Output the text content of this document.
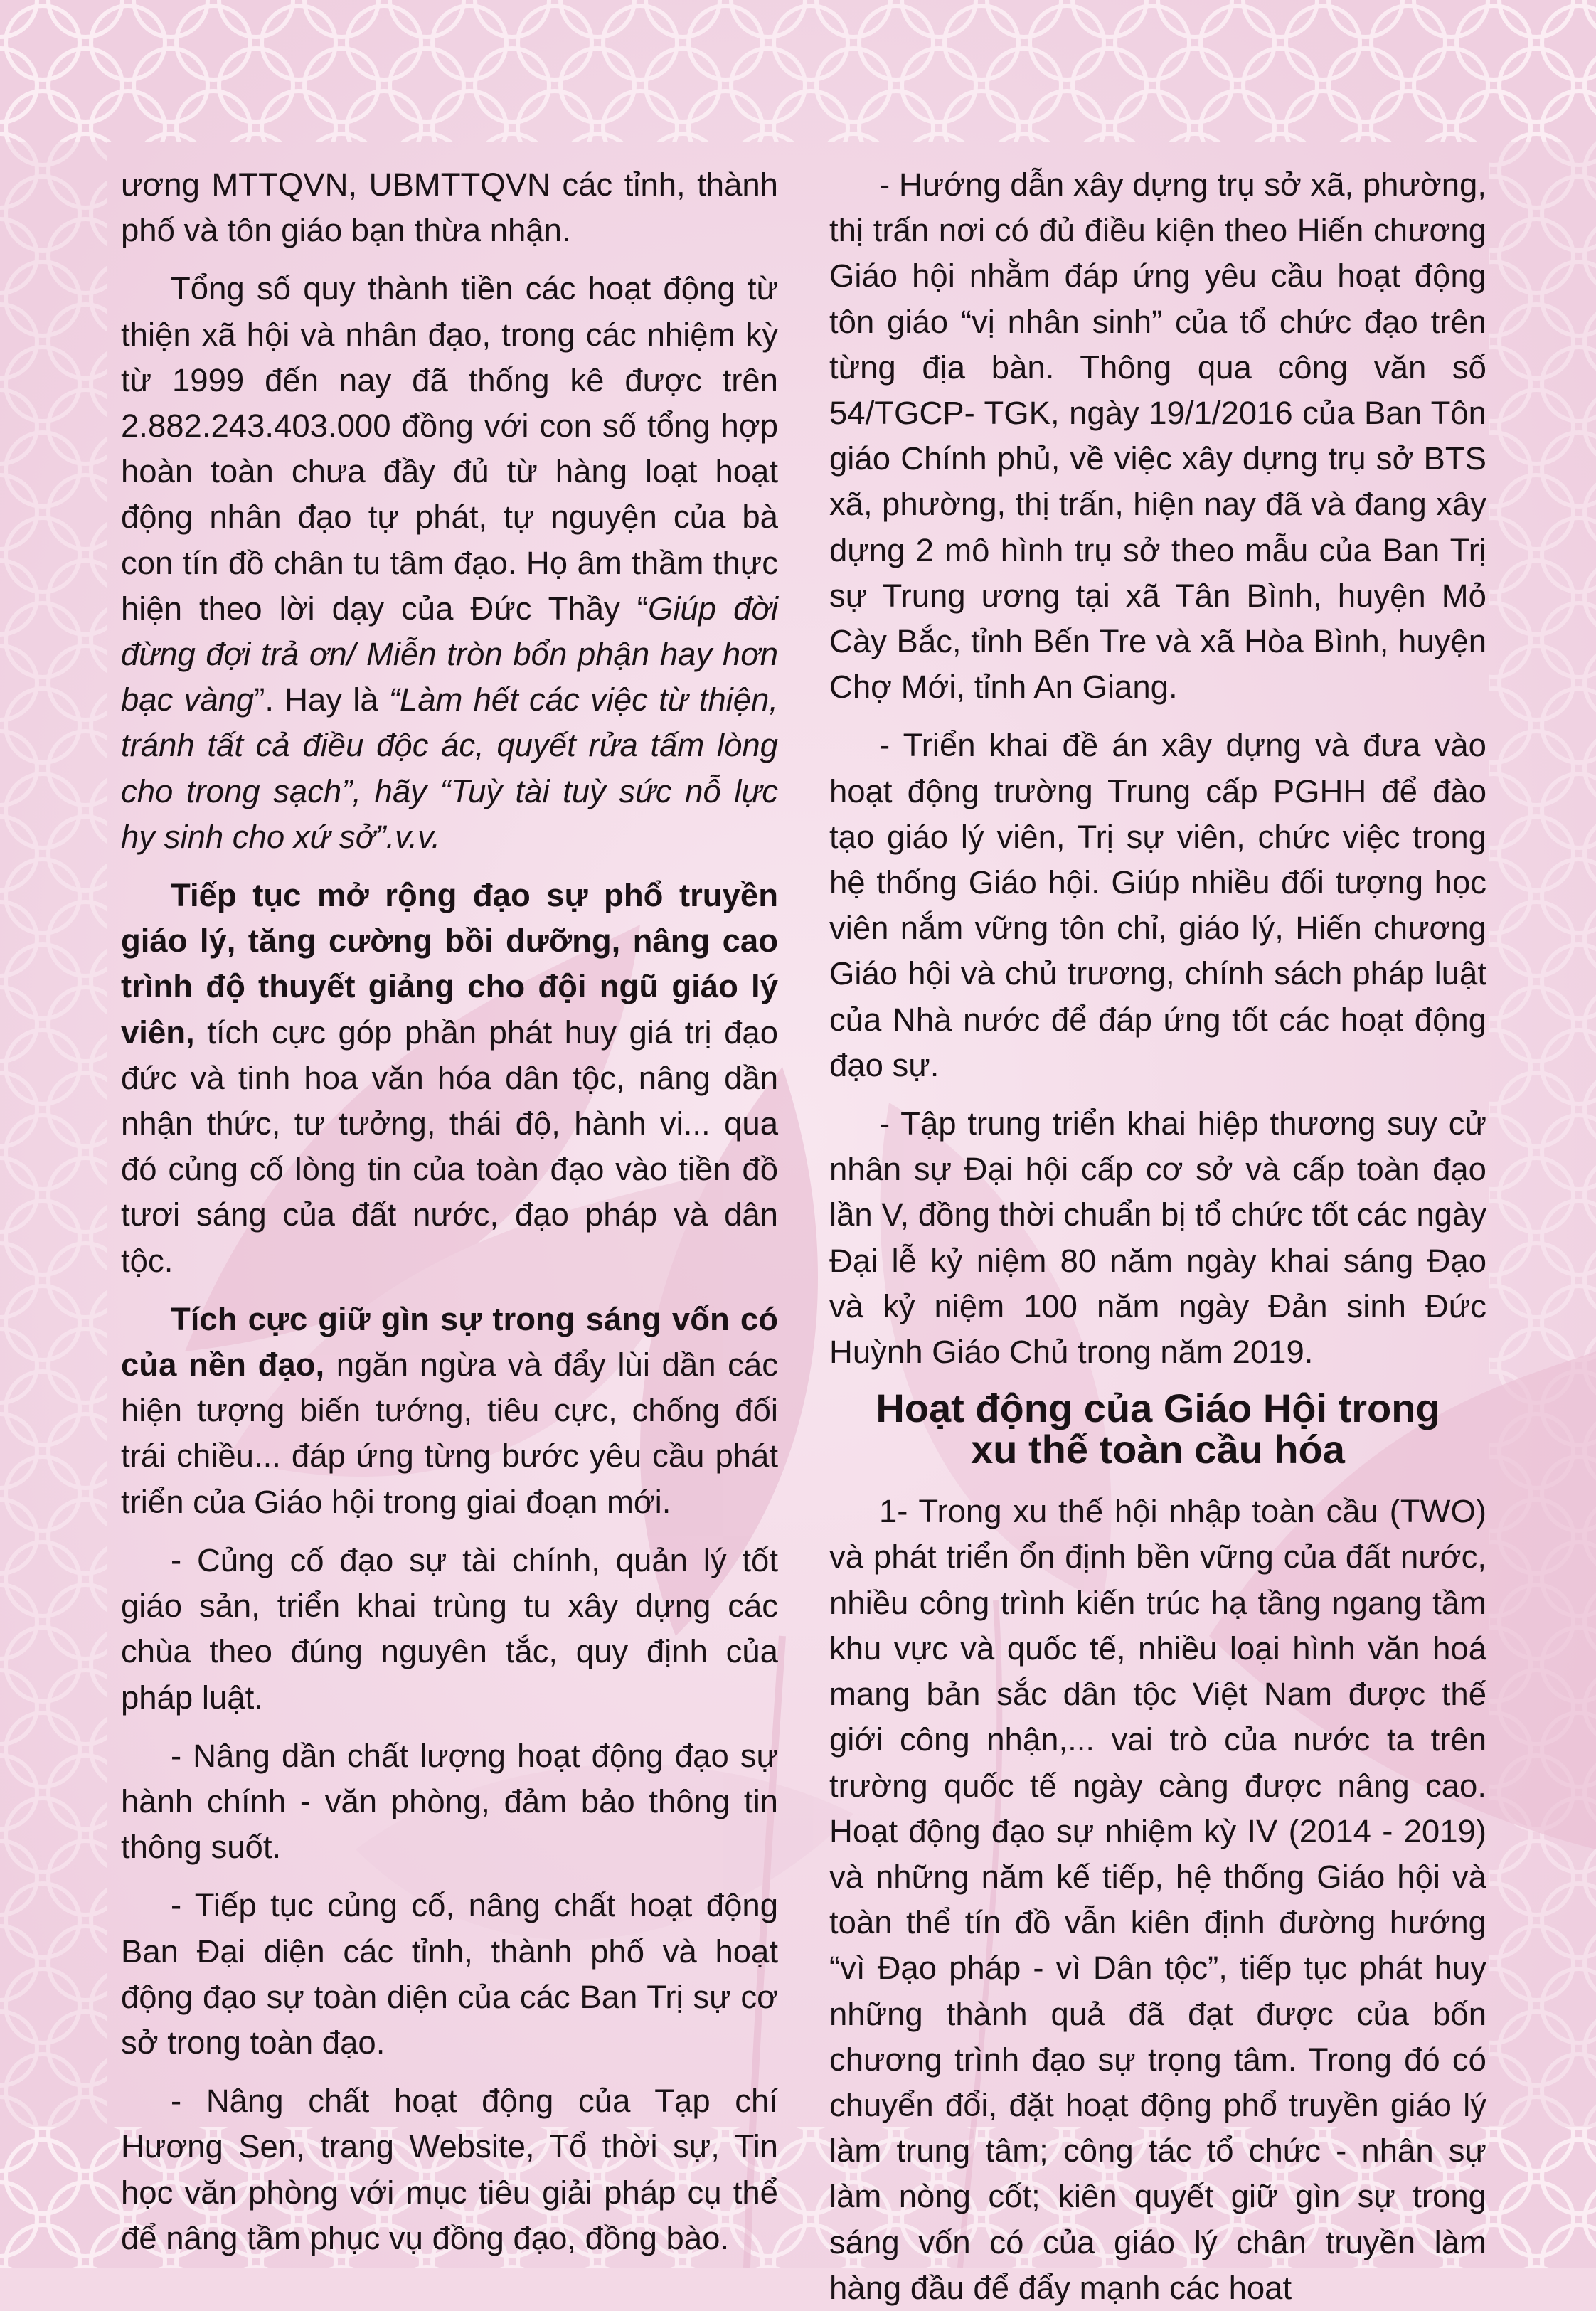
ương MTTQVN, UBMTTQVN các tỉnh, thành phố và tôn giáo bạn thừa nhận.

Tổng số quy thành tiền các hoạt động từ thiện xã hội và nhân đạo, trong các nhiệm kỳ từ 1999 đến nay đã thống kê được trên 2.882.243.403.000 đồng với con số tổng hợp hoàn toàn chưa đầy đủ từ hàng loạt hoạt động nhân đạo tự phát, tự nguyện của bà con tín đồ chân tu tâm đạo. Họ âm thầm thực hiện theo lời dạy của Đức Thầy “Giúp đời đừng đợi trả ơn/ Miễn tròn bổn phận hay hơn bạc vàng”. Hay là “Làm hết các việc từ thiện, tránh tất cả điều độc ác, quyết rửa tấm lòng cho trong sạch”, hãy “Tuỳ tài tuỳ sức nỗ lực hy sinh cho xứ sở”.v.v.

Tiếp tục mở rộng đạo sự phổ truyền giáo lý, tăng cường bồi dưỡng, nâng cao trình độ thuyết giảng cho đội ngũ giáo lý viên, tích cực góp phần phát huy giá trị đạo đức và tinh hoa văn hóa dân tộc, nâng dần nhận thức, tư tưởng, thái độ, hành vi... qua đó củng cố lòng tin của toàn đạo vào tiền đồ tươi sáng của đất nước, đạo pháp và dân tộc.

Tích cực giữ gìn sự trong sáng vốn có của nền đạo, ngăn ngừa và đẩy lùi dần các hiện tượng biến tướng, tiêu cực, chống đối trái chiều... đáp ứng từng bước yêu cầu phát triển của Giáo hội trong giai đoạn mới.

- Củng cố đạo sự tài chính, quản lý tốt giáo sản, triển khai trùng tu xây dựng các chùa theo đúng nguyên tắc, quy định của pháp luật.

- Nâng dần chất lượng hoạt động đạo sự hành chính - văn phòng, đảm bảo thông tin thông suốt.

- Tiếp tục củng cố, nâng chất hoạt động Ban Đại diện các tỉnh, thành phố và hoạt động đạo sự toàn diện của các Ban Trị sự cơ sở trong toàn đạo.

- Nâng chất hoạt động của Tạp chí Hương Sen, trang Website, Tổ thời sự, Tin học văn phòng với mục tiêu giải pháp cụ thể để nâng tầm phục vụ đồng đạo, đồng bào.

- Hướng dẫn xây dựng trụ sở xã, phường, thị trấn nơi có đủ điều kiện theo Hiến chương Giáo hội nhằm đáp ứng yêu cầu hoạt động tôn giáo “vị nhân sinh” của tổ chức đạo trên từng địa bàn. Thông qua công văn số 54/TGCP- TGK, ngày 19/1/2016 của Ban Tôn giáo Chính phủ, về việc xây dựng trụ sở BTS xã, phường, thị trấn, hiện nay đã và đang xây dựng 2 mô hình trụ sở theo mẫu của Ban Trị sự Trung ương tại xã Tân Bình, huyện Mỏ Cày Bắc, tỉnh Bến Tre và xã Hòa Bình, huyện Chợ Mới, tỉnh An Giang.

- Triển khai đề án xây dựng và đưa vào hoạt động trường Trung cấp PGHH để đào tạo giáo lý viên, Trị sự viên, chức việc trong hệ thống Giáo hội. Giúp nhiều đối tượng học viên nắm vững tôn chỉ, giáo lý, Hiến chương Giáo hội và chủ trương, chính sách pháp luật của Nhà nước để đáp ứng tốt các hoạt động đạo sự.

- Tập trung triển khai hiệp thương suy cử nhân sự Đại hội cấp cơ sở và cấp toàn đạo lần V, đồng thời chuẩn bị tổ chức tốt các ngày Đại lễ kỷ niệm 80 năm ngày khai sáng Đạo và kỷ niệm 100 năm ngày Đản sinh Đức Huỳnh Giáo Chủ trong năm 2019.

Hoạt động của Giáo Hội trong
xu thế toàn cầu hóa

1- Trong xu thế hội nhập toàn cầu (TWO) và phát triển ổn định bền vững của đất nước, nhiều công trình kiến trúc hạ tầng ngang tầm khu vực và quốc tế, nhiều loại hình văn hoá mang bản sắc dân tộc Việt Nam được thế giới công nhận,... vai trò của nước ta trên trường quốc tế ngày càng được nâng cao. Hoạt động đạo sự nhiệm kỳ IV (2014 - 2019) và những năm kế tiếp, hệ thống Giáo hội và toàn thể tín đồ vẫn kiên định đường hướng “vì Đạo pháp - vì Dân tộc”, tiếp tục phát huy những thành quả đã đạt được của bốn chương trình đạo sự trọng tâm. Trong đó có chuyển đổi, đặt hoạt động phổ truyền giáo lý làm trung tâm; công tác tổ chức - nhân sự làm nòng cốt; kiên quyết giữ gìn sự trong sáng vốn có của giáo lý chân truyền làm hàng đầu để đẩy mạnh các hoat
